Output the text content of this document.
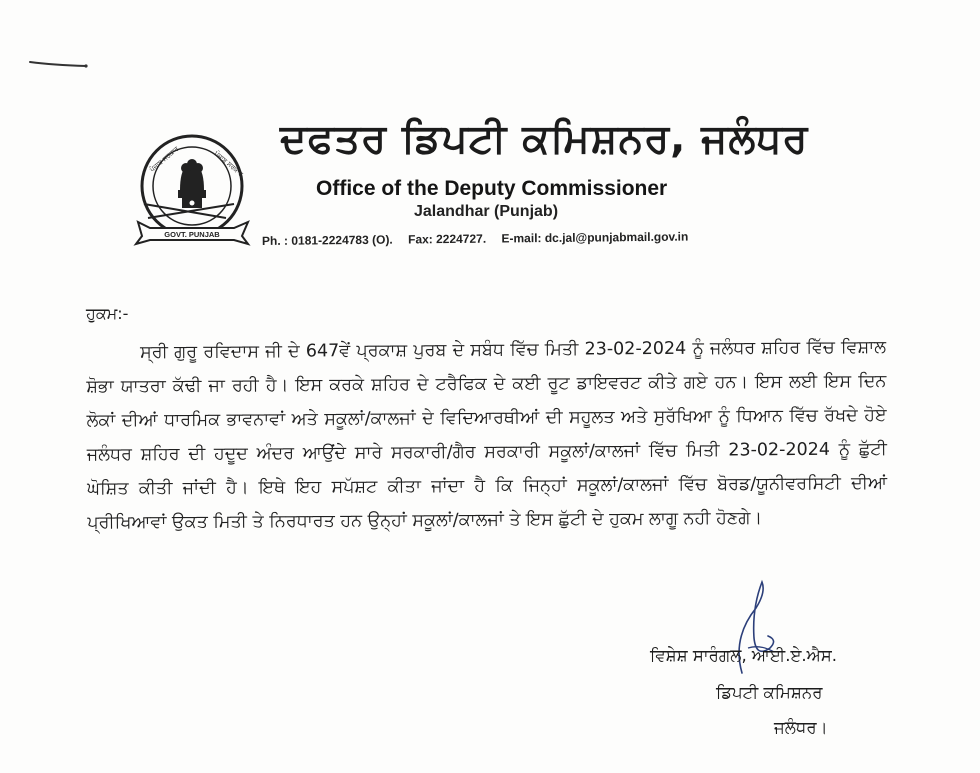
ਪੰਜਾਬ ਸਰਕਾਰ	ਪੰਜਾਬ ਸਰਕਾਰ
GOVT. PUNJAB
ਦਫਤਰ ਡਿਪਟੀ ਕਮਿਸ਼ਨਰ, ਜਲੰਧਰ
Office of the Deputy Commissioner
Jalandhar (Punjab)
Ph. : 0181-2224783 (O). Fax: 2224727. E-mail: dc.jal@punjabmail.gov.in
ਹੁਕਮ:-
ਸ੍ਰੀ ਗੁਰੂ ਰਵਿਦਾਸ ਜੀ ਦੇ 647ਵੇਂ ਪ੍ਰਕਾਸ਼ ਪੁਰਬ ਦੇ ਸਬੰਧ ਵਿੱਚ ਮਿਤੀ 23-02-2024 ਨੂੰ ਜਲੰਧਰ ਸ਼ਹਿਰ ਵਿੱਚ ਵਿਸ਼ਾਲ ਸ਼ੋਭਾ ਯਾਤਰਾ ਕੱਢੀ ਜਾ ਰਹੀ ਹੈ। ਇਸ ਕਰਕੇ ਸ਼ਹਿਰ ਦੇ ਟਰੈਫਿਕ ਦੇ ਕਈ ਰੂਟ ਡਾਇਵਰਟ ਕੀਤੇ ਗਏ ਹਨ। ਇਸ ਲਈ ਇਸ ਦਿਨ ਲੋਕਾਂ ਦੀਆਂ ਧਾਰਮਿਕ ਭਾਵਨਾਵਾਂ ਅਤੇ ਸਕੂਲਾਂ/ਕਾਲਜਾਂ ਦੇ ਵਿਦਿਆਰਥੀਆਂ ਦੀ ਸਹੂਲਤ ਅਤੇ ਸੁਰੱਖਿਆ ਨੂੰ ਧਿਆਨ ਵਿੱਚ ਰੱਖਦੇ ਹੋਏ ਜਲੰਧਰ ਸ਼ਹਿਰ ਦੀ ਹਦੂਦ ਅੰਦਰ ਆਉਂਦੇ ਸਾਰੇ ਸਰਕਾਰੀ/ਗੈਰ ਸਰਕਾਰੀ ਸਕੂਲਾਂ/ਕਾਲਜਾਂ ਵਿੱਚ ਮਿਤੀ 23-02-2024 ਨੂੰ ਛੁੱਟੀ ਘੋਸ਼ਿਤ ਕੀਤੀ ਜਾਂਦੀ ਹੈ। ਇਥੇ ਇਹ ਸਪੱਸ਼ਟ ਕੀਤਾ ਜਾਂਦਾ ਹੈ ਕਿ ਜਿਨ੍ਹਾਂ ਸਕੂਲਾਂ/ਕਾਲਜਾਂ ਵਿੱਚ ਬੋਰਡ/ਯੂਨੀਵਰਸਿਟੀ ਦੀਆਂ ਪ੍ਰੀਖਿਆਵਾਂ ਉਕਤ ਮਿਤੀ ਤੇ ਨਿਰਧਾਰਤ ਹਨ ਉਨ੍ਹਾਂ ਸਕੂਲਾਂ/ਕਾਲਜਾਂ ਤੇ ਇਸ ਛੁੱਟੀ ਦੇ ਹੁਕਮ ਲਾਗੂ ਨਹੀ ਹੋਣਗੇ।
ਵਿਸ਼ੇਸ਼ ਸਾਰੰਗਲ, ਆਈ.ਏ.ਐਸ.
ਡਿਪਟੀ ਕਮਿਸ਼ਨਰ
ਜਲੰਧਰ।
